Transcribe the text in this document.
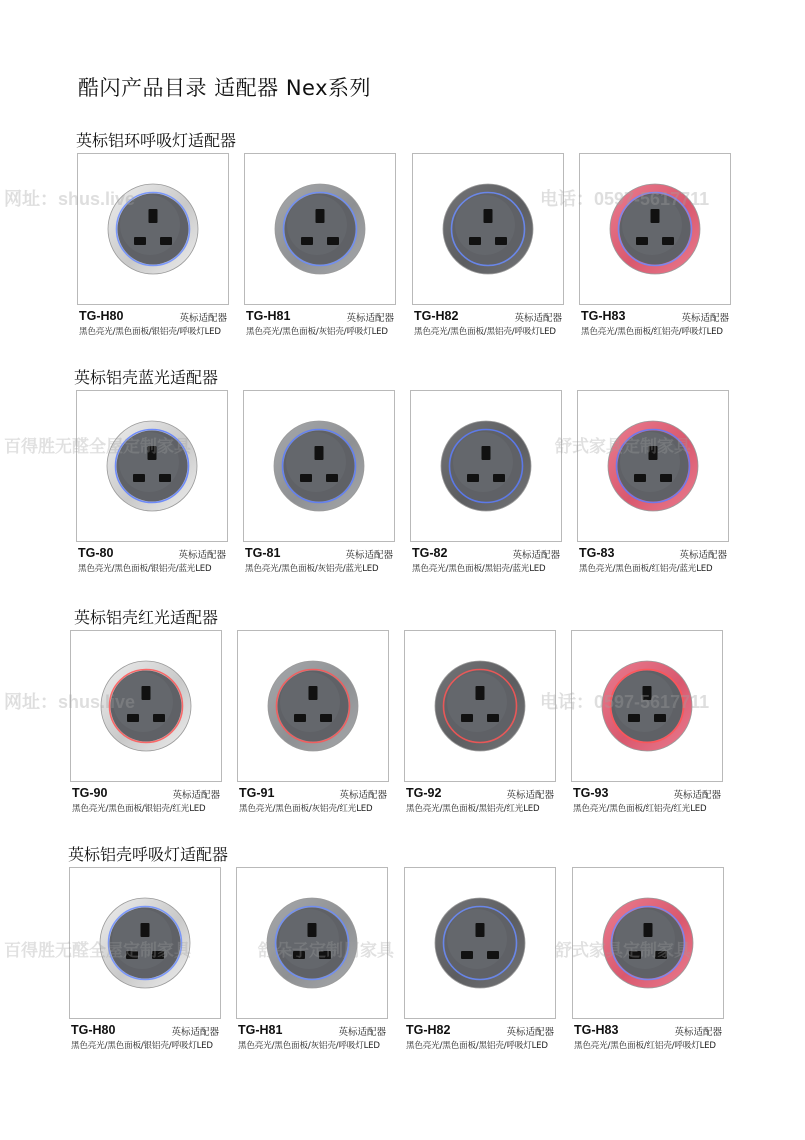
酷闪产品目录 适配器 Nex系列
英标铝环呼吸灯适配器
TG-H80	英标适配器
黑色亮光/黑色面板/银铝壳/呼吸灯LED
TG-H81	英标适配器
黑色亮光/黑色面板/灰铝壳/呼吸灯LED
TG-H82	英标适配器
黑色亮光/黑色面板/黑铝壳/呼吸灯LED
TG-H83	英标适配器
黑色亮光/黑色面板/红铝壳/呼吸灯LED
英标铝壳蓝光适配器
TG-80	英标适配器
黑色亮光/黑色面板/银铝壳/蓝光LED
TG-81	英标适配器
黑色亮光/黑色面板/灰铝壳/蓝光LED
TG-82	英标适配器
黑色亮光/黑色面板/黑铝壳/蓝光LED
TG-83	英标适配器
黑色亮光/黑色面板/红铝壳/蓝光LED
英标铝壳红光适配器
TG-90	英标适配器
黑色亮光/黑色面板/银铝壳/红光LED
TG-91	英标适配器
黑色亮光/黑色面板/灰铝壳/红光LED
TG-92	英标适配器
黑色亮光/黑色面板/黑铝壳/红光LED
TG-93	英标适配器
黑色亮光/黑色面板/红铝壳/红光LED
英标铝壳呼吸灯适配器
TG-H80	英标适配器
黑色亮光/黑色面板/银铝壳/呼吸灯LED
TG-H81	英标适配器
黑色亮光/黑色面板/灰铝壳/呼吸灯LED
TG-H82	英标适配器
黑色亮光/黑色面板/黑铝壳/呼吸灯LED
TG-H83	英标适配器
黑色亮光/黑色面板/红铝壳/呼吸灯LED
网址：shus.live	电话：0597-5617711
百得胜无醛全屋定制家具	舒式家具定制家具
网址：shus.live	电话：0597-5617711
百得胜无醛全屋定制家具	舒朵子定制用家具	舒式家具定制家具
